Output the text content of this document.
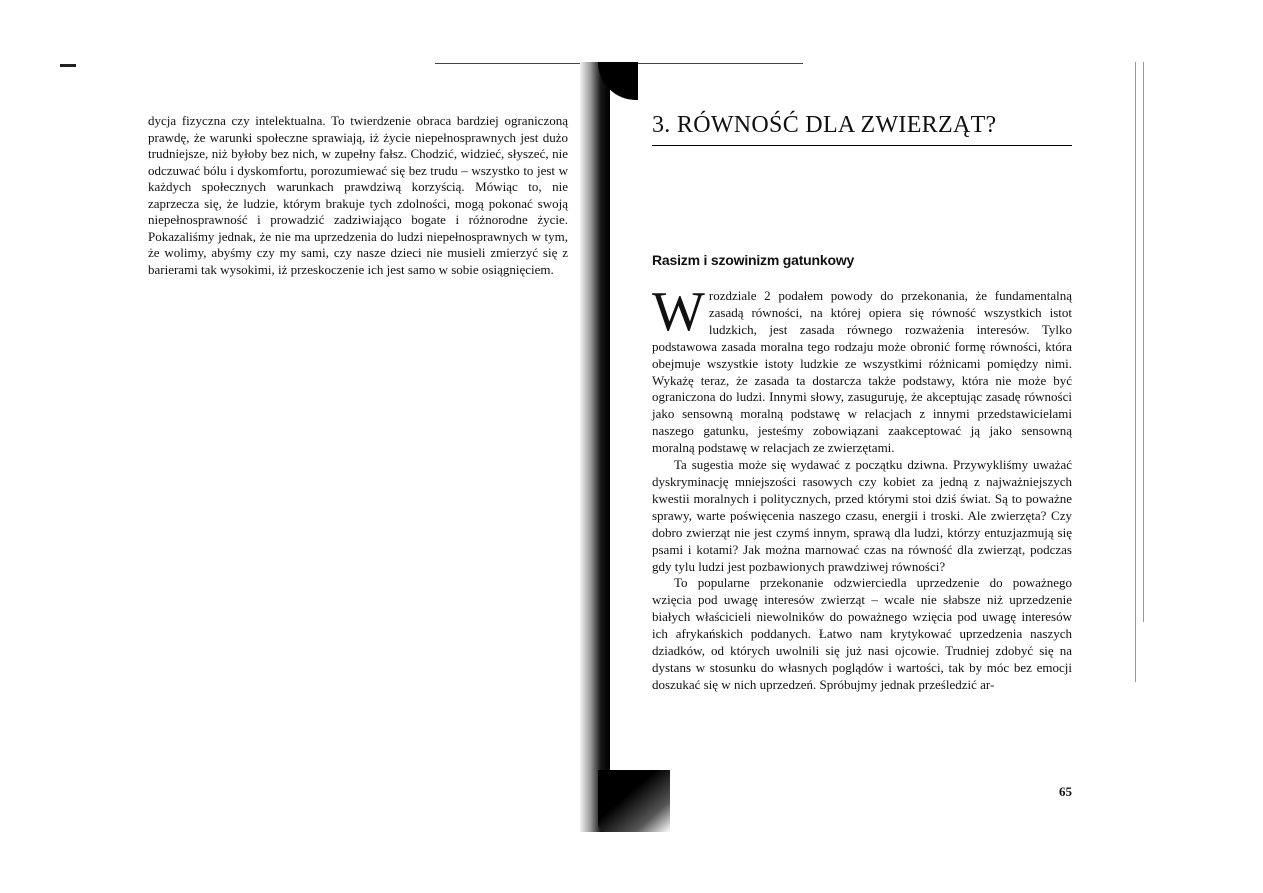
dycja fizyczna czy intelektualna. To twierdzenie obraca bardziej ograniczoną prawdę, że warunki społeczne sprawiają, iż życie niepełnosprawnych jest dużo trudniejsze, niż byłoby bez nich, w zupełny fałsz. Chodzić, widzieć, słyszeć, nie odczuwać bólu i dyskomfortu, porozumiewać się bez trudu – wszystko to jest w każdych społecznych warunkach prawdziwą korzyścią. Mówiąc to, nie zaprzecza się, że ludzie, którym brakuje tych zdolności, mogą pokonać swoją niepełnosprawność i prowadzić zadziwiająco bogate i różnorodne życie. Pokazaliśmy jednak, że nie ma uprzedzenia do ludzi niepełnosprawnych w tym, że wolimy, abyśmy czy my sami, czy nasze dzieci nie musieli zmierzyć się z barierami tak wysokimi, iż przeskoczenie ich jest samo w sobie osiągnięciem.
3. RÓWNOŚĆ DLA ZWIERZĄT?
Rasizm i szowinizm gatunkowy

Wrozdziale 2 podałem powody do przekonania, że fundamentalną zasadą równości, na której opiera się równość wszystkich istot ludzkich, jest zasada równego rozważenia interesów. Tylko podstawowa zasada moralna tego rodzaju może obronić formę równości, która obejmuje wszystkie istoty ludzkie ze wszystkimi różnicami pomiędzy nimi. Wykażę teraz, że zasada ta dostarcza także podstawy, która nie może być ograniczona do ludzi. Innymi słowy, zasuguruję, że akceptując zasadę równości jako sensowną moralną podstawę w relacjach z innymi przedstawicielami naszego gatunku, jesteśmy zobowiązani zaakceptować ją jako sensowną moralną podstawę w relacjach ze zwierzętami.

Ta sugestia może się wydawać z początku dziwna. Przywykliśmy uważać dyskryminację mniejszości rasowych czy kobiet za jedną z najważniejszych kwestii moralnych i politycznych, przed którymi stoi dziś świat. Są to poważne sprawy, warte poświęcenia naszego czasu, energii i troski. Ale zwierzęta? Czy dobro zwierząt nie jest czymś innym, sprawą dla ludzi, którzy entuzjazmują się psami i kotami? Jak można marnować czas na równość dla zwierząt, podczas gdy tylu ludzi jest pozbawionych prawdziwej równości?

To popularne przekonanie odzwierciedla uprzedzenie do poważnego wzięcia pod uwagę interesów zwierząt – wcale nie słabsze niż uprzedzenie białych właścicieli niewolników do poważnego wzięcia pod uwagę interesów ich afrykańskich poddanych. Łatwo nam krytykować uprzedzenia naszych dziadków, od których uwolnili się już nasi ojcowie. Trudniej zdobyć się na dystans w stosunku do własnych poglądów i wartości, tak by móc bez emocji doszukać się w nich uprzedzeń. Spróbujmy jednak prześledzić ar-

65
